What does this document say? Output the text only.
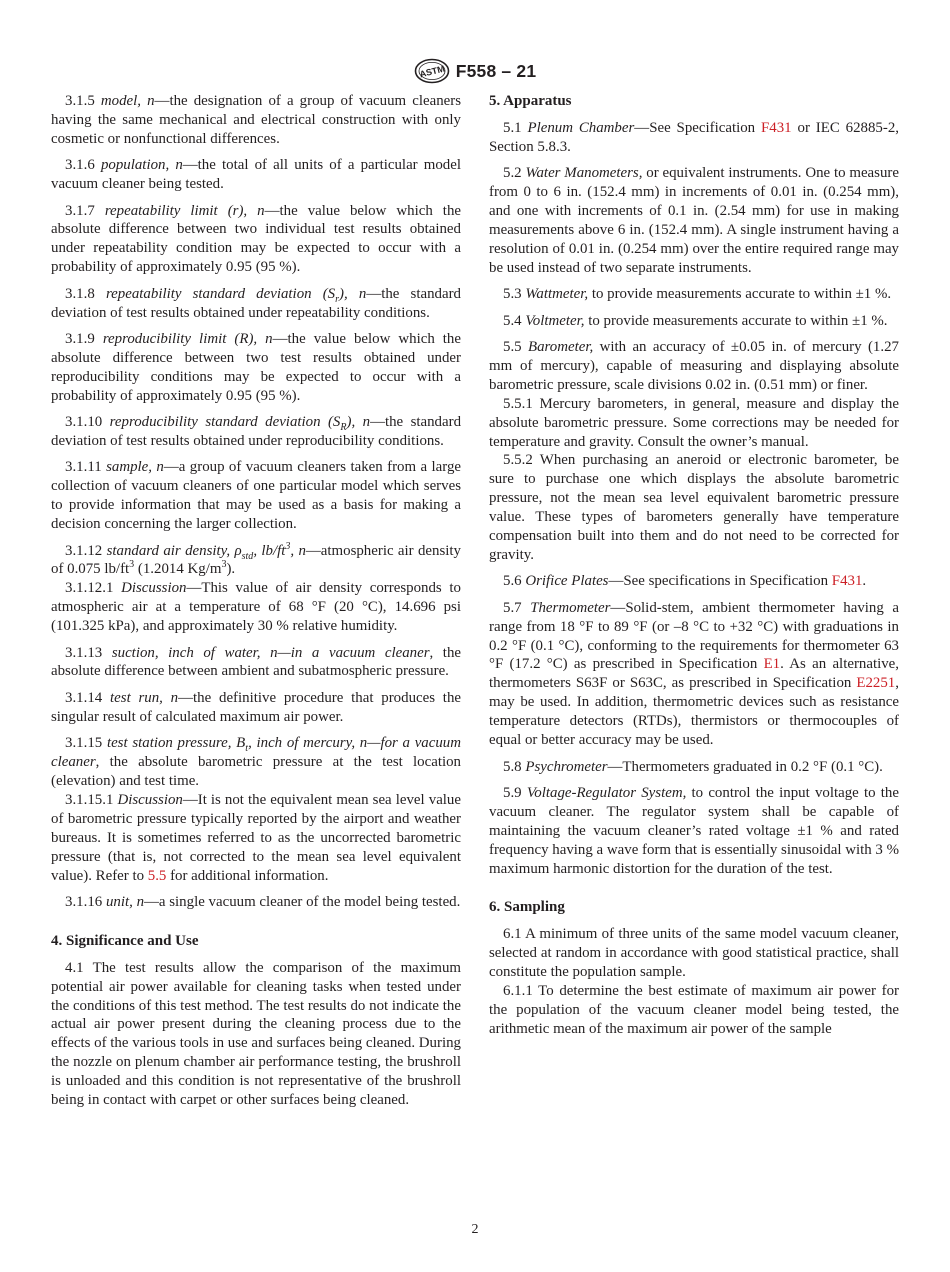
ASTM F558 – 21

3.1.5 model, n—the designation of a group of vacuum cleaners having the same mechanical and electrical construction with only cosmetic or nonfunctional differences.

3.1.6 population, n—the total of all units of a particular model vacuum cleaner being tested.

3.1.7 repeatability limit (r), n—the value below which the absolute difference between two individual test results obtained under repeatability condition may be expected to occur with a probability of approximately 0.95 (95 %).

3.1.8 repeatability standard deviation $(S_r)$, n—the standard deviation of test results obtained under repeatability conditions.

3.1.9 reproducibility limit (R), n—the value below which the absolute difference between two test results obtained under reproducibility conditions may be expected to occur with a probability of approximately 0.95 (95 %).

3.1.10 reproducibility standard deviation $(S_R)$, n—the standard deviation of test results obtained under reproducibility conditions.

3.1.11 sample, n—a group of vacuum cleaners taken from a large collection of vacuum cleaners of one particular model which serves to provide information that may be used as a basis for making a decision concerning the larger collection.

3.1.12 standard air density, $\rho_{std}$, $lb/ft^3$, n—atmospheric air density of 0.075 $lb/ft^3$ (1.2014 $Kg/m^3$).

3.1.12.1 Discussion—This value of air density corresponds to atmospheric air at a temperature of 68 °F (20 °C), 14.696 psi (101.325 kPa), and approximately 30 % relative humidity.

3.1.13 suction, inch of water, n—in a vacuum cleaner, the absolute difference between ambient and subatmospheric pressure.

3.1.14 test run, n—the definitive procedure that produces the singular result of calculated maximum air power.

3.1.15 test station pressure, $B_t$, inch of mercury, n—for a vacuum cleaner, the absolute barometric pressure at the test location (elevation) and test time.

3.1.15.1 Discussion—It is not the equivalent mean sea level value of barometric pressure typically reported by the airport and weather bureaus. It is sometimes referred to as the uncorrected barometric pressure (that is, not corrected to the mean sea level equivalent value). Refer to 5.5 for additional information.

3.1.16 unit, n—a single vacuum cleaner of the model being tested.

4. Significance and Use

4.1 The test results allow the comparison of the maximum potential air power available for cleaning tasks when tested under the conditions of this test method. The test results do not indicate the actual air power present during the cleaning process due to the effects of the various tools in use and surfaces being cleaned. During the nozzle on plenum chamber air performance testing, the brushroll is unloaded and this condition is not representative of the brushroll being in contact with carpet or other surfaces being cleaned.

5. Apparatus

5.1 Plenum Chamber—See Specification F431 or IEC 62885-2, Section 5.8.3.

5.2 Water Manometers, or equivalent instruments. One to measure from 0 to 6 in. (152.4 mm) in increments of 0.01 in. (0.254 mm), and one with increments of 0.1 in. (2.54 mm) for use in making measurements above 6 in. (152.4 mm). A single instrument having a resolution of 0.01 in. (0.254 mm) over the entire required range may be used instead of two separate instruments.

5.3 Wattmeter, to provide measurements accurate to within ±1 %.

5.4 Voltmeter, to provide measurements accurate to within ±1 %.

5.5 Barometer, with an accuracy of ±0.05 in. of mercury (1.27 mm of mercury), capable of measuring and displaying absolute barometric pressure, scale divisions 0.02 in. (0.51 mm) or finer.

5.5.1 Mercury barometers, in general, measure and display the absolute barometric pressure. Some corrections may be needed for temperature and gravity. Consult the owner’s manual.

5.5.2 When purchasing an aneroid or electronic barometer, be sure to purchase one which displays the absolute barometric pressure, not the mean sea level equivalent barometric pressure value. These types of barometers generally have temperature compensation built into them and do not need to be corrected for gravity.

5.6 Orifice Plates—See specifications in Specification F431.

5.7 Thermometer—Solid-stem, ambient thermometer having a range from 18 °F to 89 °F (or –8 °C to +32 °C) with graduations in 0.2 °F (0.1 °C), conforming to the requirements for thermometer 63 °F (17.2 °C) as prescribed in Specification E1. As an alternative, thermometers S63F or S63C, as prescribed in Specification E2251, may be used. In addition, thermometric devices such as resistance temperature detectors (RTDs), thermistors or thermocouples of equal or better accuracy may be used.

5.8 Psychrometer—Thermometers graduated in 0.2 °F (0.1 °C).

5.9 Voltage-Regulator System, to control the input voltage to the vacuum cleaner. The regulator system shall be capable of maintaining the vacuum cleaner’s rated voltage ±1 % and rated frequency having a wave form that is essentially sinusoidal with 3 % maximum harmonic distortion for the duration of the test.

6. Sampling

6.1 A minimum of three units of the same model vacuum cleaner, selected at random in accordance with good statistical practice, shall constitute the population sample.

6.1.1 To determine the best estimate of maximum air power for the population of the vacuum cleaner model being tested, the arithmetic mean of the maximum air power of the sample

2
